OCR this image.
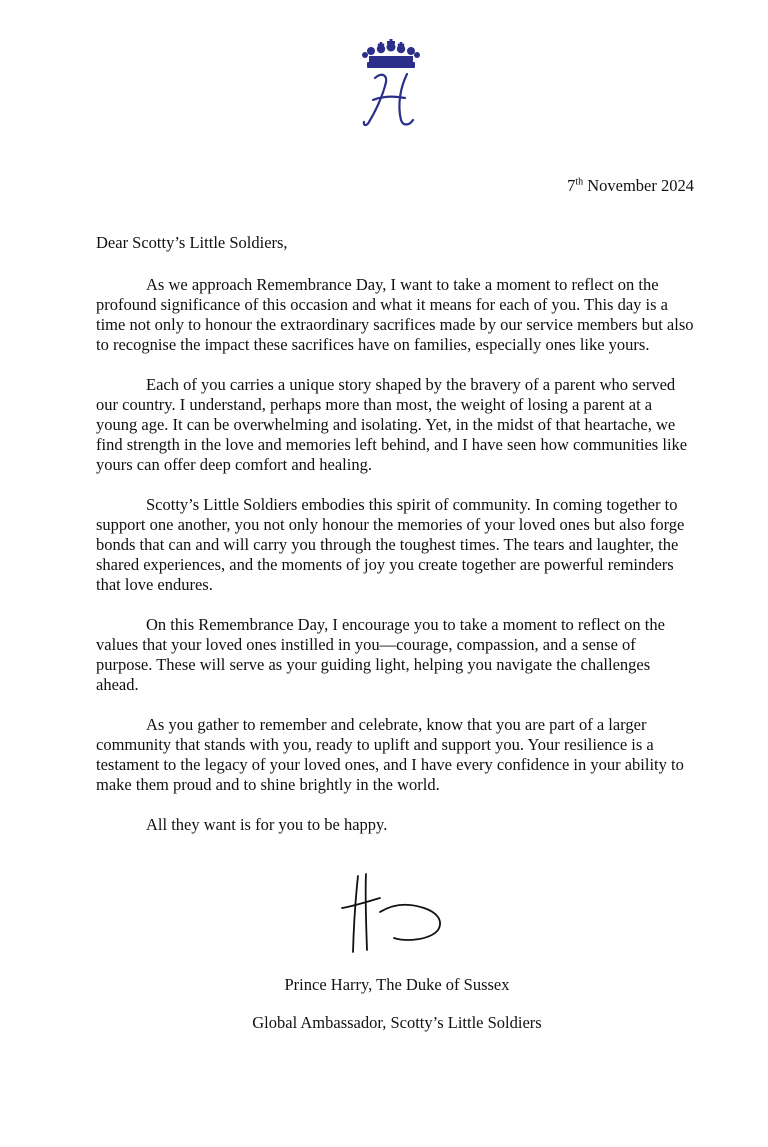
7th November 2024
Dear Scotty’s Little Soldiers,

As we approach Remembrance Day, I want to take a moment to reflect on the profound significance of this occasion and what it means for each of you. This day is a time not only to honour the extraordinary sacrifices made by our service members but also to recognise the impact these sacrifices have on families, especially ones like yours.

Each of you carries a unique story shaped by the bravery of a parent who served our country. I understand, perhaps more than most, the weight of losing a parent at a young age. It can be overwhelming and isolating. Yet, in the midst of that heartache, we find strength in the love and memories left behind, and I have seen how communities like yours can offer deep comfort and healing.

Scotty’s Little Soldiers embodies this spirit of community. In coming together to support one another, you not only honour the memories of your loved ones but also forge bonds that can and will carry you through the toughest times. The tears and laughter, the shared experiences, and the moments of joy you create together are powerful reminders that love endures.

On this Remembrance Day, I encourage you to take a moment to reflect on the values that your loved ones instilled in you—courage, compassion, and a sense of purpose. These will serve as your guiding light, helping you navigate the challenges ahead.

As you gather to remember and celebrate, know that you are part of a larger community that stands with you, ready to uplift and support you. Your resilience is a testament to the legacy of your loved ones, and I have every confidence in your ability to make them proud and to shine brightly in the world.

All they want is for you to be happy.

Prince Harry, The Duke of Sussex
Global Ambassador, Scotty’s Little Soldiers
